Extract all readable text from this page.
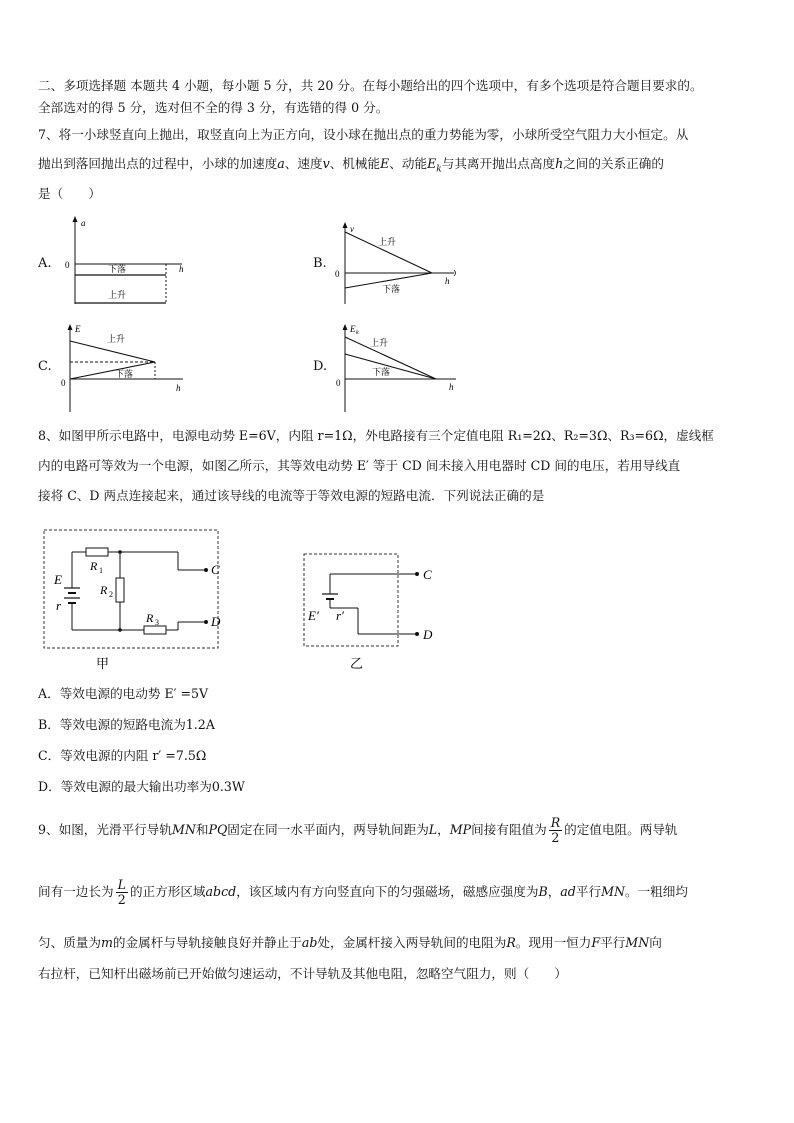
二、多项选择题 本题共 4 小题，每小题 5 分，共 20 分。在每小题给出的四个选项中，有多个选项是符合题目要求的。
全部选对的得 5 分，选对但不全的得 3 分，有选错的得 0 分。
7、将一小球竖直向上抛出，取竖直向上为正方向，设小球在抛出点的重力势能为零，小球所受空气阻力大小恒定。从
抛出到落回抛出点的过程中，小球的加速度a、速度v、机械能E、动能$E_k$与其离开抛出点高度h之间的关系正确的
是（　　）
A.	B.
C.	D.
a
h
0	下落
上升
v
h
0
上升
下落
E
h
0
上升
下落
E k
h
0
上升
下落
8、如图甲所示电路中，电源电动势 E=6V，内阻 r=1Ω，外电路接有三个定值电阻 R₁=2Ω、R₂=3Ω、R₃=6Ω，虚线框
内的电路可等效为一个电源，如图乙所示，其等效电动势 E′ 等于 CD 间未接入用电器时 CD 间的电压，若用导线直
接将 C、D 两点连接起来，通过该导线的电流等于等效电源的短路电流．下列说法正确的是
E
r
R 1
R 2
R 3
C
D
甲
E′ r′
C
D
乙
A．等效电源的电动势 E′ =5V
B．等效电源的短路电流为1.2A
C．等效电源的内阻 r′ =7.5Ω
D．等效电源的最大输出功率为0.3W
9、如图，光滑平行导轨MN和PQ固定在同一水平面内，两导轨间距为L，MP间接有阻值为 $\frac{R}{2}$ 的定值电阻。两导轨
间有一边长为 $\frac{L}{2}$ 的正方形区域abcd，该区域内有方向竖直向下的匀强磁场，磁感应强度为B，ad平行MN。一粗细均
匀、质量为m的金属杆与导轨接触良好并静止于ab处，金属杆接入两导轨间的电阻为R。现用一恒力F平行MN向
右拉杆，已知杆出磁场前已开始做匀速运动，不计导轨及其他电阻，忽略空气阻力，则（　　）
